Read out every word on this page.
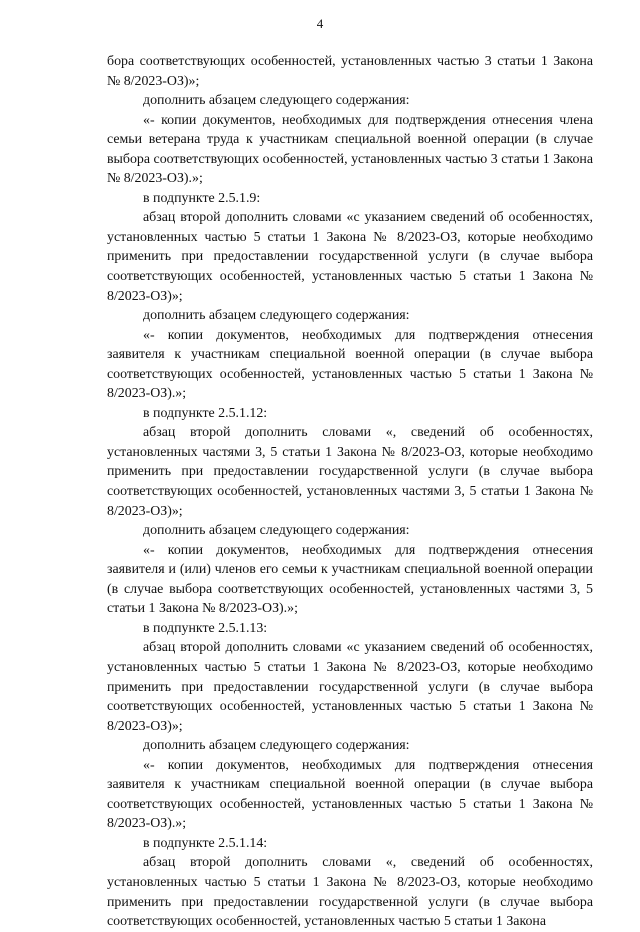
4

бора соответствующих особенностей, установленных частью 3 статьи 1 Закона № 8/2023-ОЗ)»;

дополнить абзацем следующего содержания:

«- копии документов, необходимых для подтверждения отнесения члена семьи ветерана труда к участникам специальной военной операции (в случае выбора соответствующих особенностей, установленных частью 3 статьи 1 Закона № 8/2023-ОЗ).»;

в подпункте 2.5.1.9:

абзац второй дополнить словами «с указанием сведений об особенностях, установленных частью 5 статьи 1 Закона № 8/2023-ОЗ, которые необходимо применить при предоставлении государственной услуги (в случае выбора соответствующих особенностей, установленных частью 5 статьи 1 Закона № 8/2023-ОЗ)»;

дополнить абзацем следующего содержания:

«- копии документов, необходимых для подтверждения отнесения заявителя к участникам специальной военной операции (в случае выбора соответствующих особенностей, установленных частью 5 статьи 1 Закона № 8/2023-ОЗ).»;

в подпункте 2.5.1.12:

абзац второй дополнить словами «, сведений об особенностях, установленных частями 3, 5 статьи 1 Закона № 8/2023-ОЗ, которые необходимо применить при предоставлении государственной услуги (в случае выбора соответствующих особенностей, установленных частями 3, 5 статьи 1 Закона № 8/2023-ОЗ)»;

дополнить абзацем следующего содержания:

«- копии документов, необходимых для подтверждения отнесения заявителя и (или) членов его семьи к участникам специальной военной операции (в случае выбора соответствующих особенностей, установленных частями 3, 5 статьи 1 Закона № 8/2023-ОЗ).»;

в подпункте 2.5.1.13:

абзац второй дополнить словами «с указанием сведений об особенностях, установленных частью 5 статьи 1 Закона № 8/2023-ОЗ, которые необходимо применить при предоставлении государственной услуги (в случае выбора соответствующих особенностей, установленных частью 5 статьи 1 Закона № 8/2023-ОЗ)»;

дополнить абзацем следующего содержания:

«- копии документов, необходимых для подтверждения отнесения заявителя к участникам специальной военной операции (в случае выбора соответствующих особенностей, установленных частью 5 статьи 1 Закона № 8/2023-ОЗ).»;

в подпункте 2.5.1.14:

абзац второй дополнить словами «, сведений об особенностях, установленных частью 5 статьи 1 Закона № 8/2023-ОЗ, которые необходимо применить при предоставлении государственной услуги (в случае выбора соответствующих особенностей, установленных частью 5 статьи 1 Закона
